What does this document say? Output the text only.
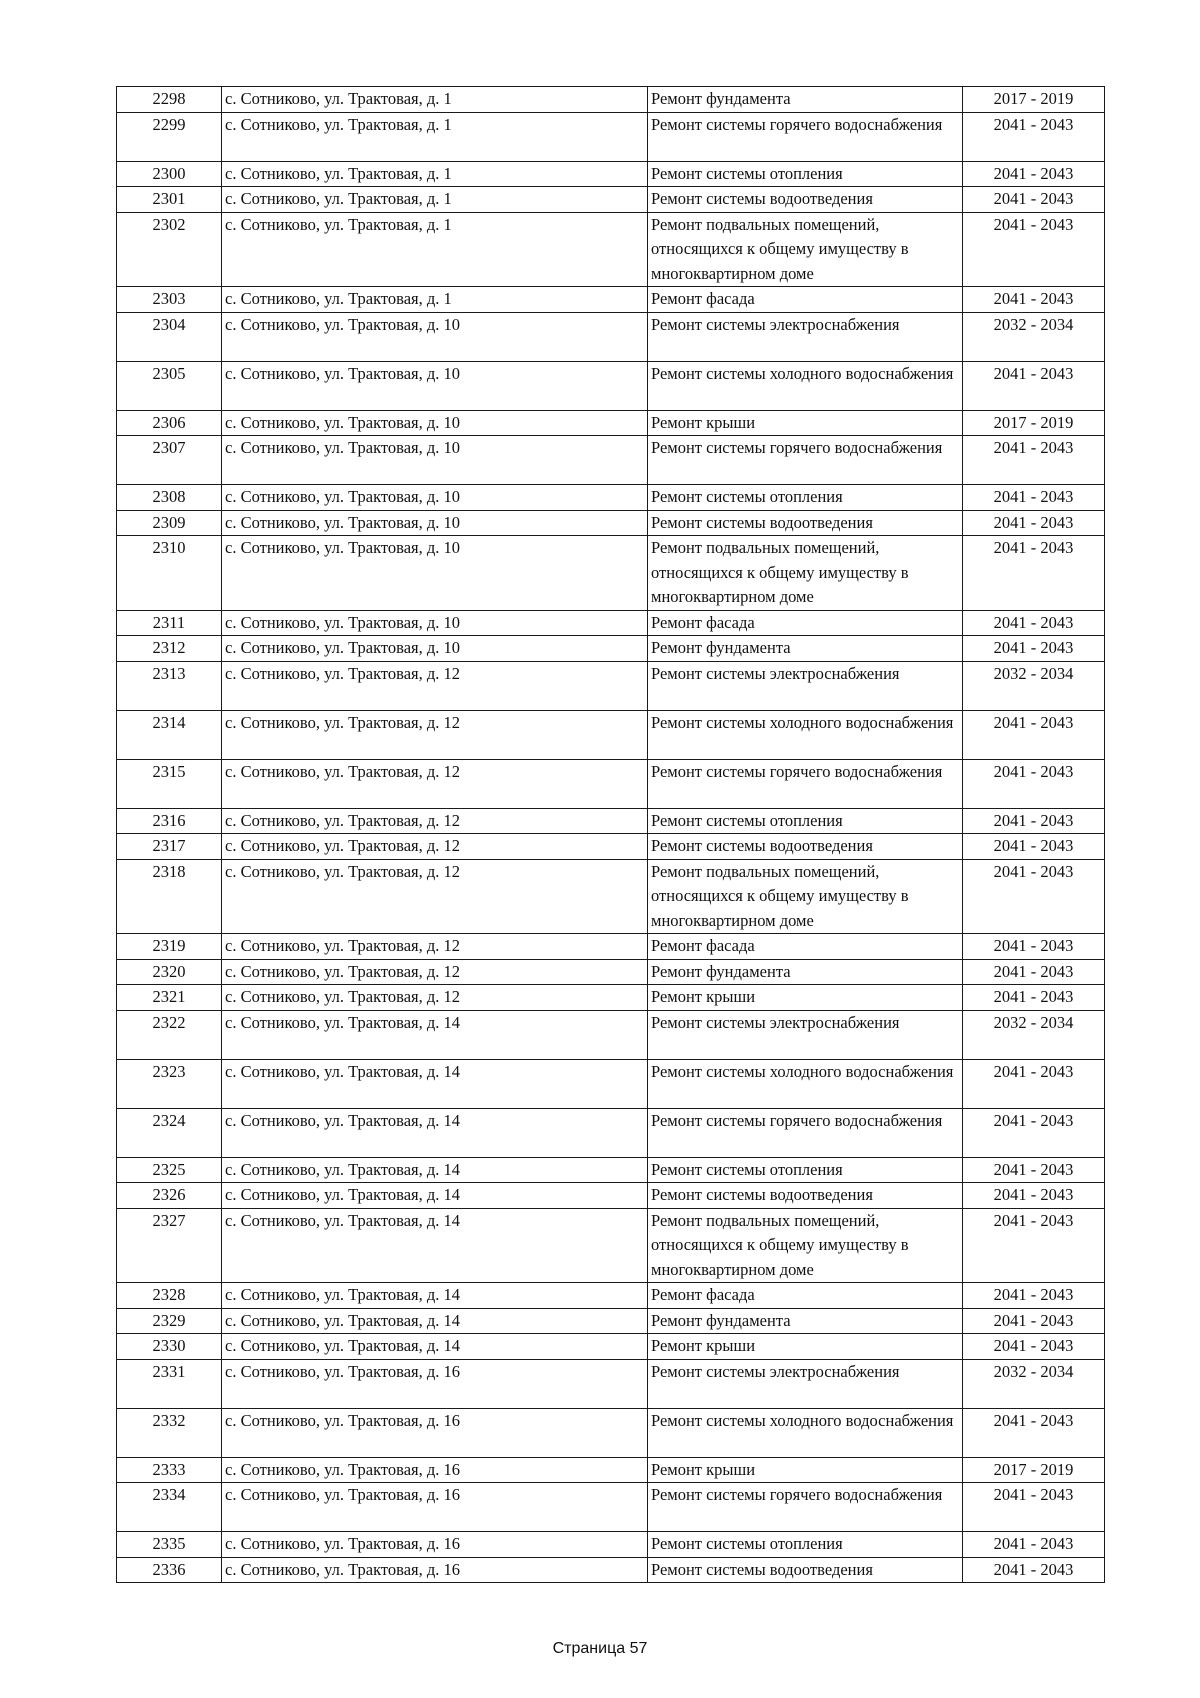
2298	с. Сотниково, ул. Трактовая, д. 1	Ремонт фундамента	2017 - 2019
2299	с. Сотниково, ул. Трактовая, д. 1	Ремонт системы горячего водоснабжения	2041 - 2043
2300	с. Сотниково, ул. Трактовая, д. 1	Ремонт системы отопления	2041 - 2043
2301	с. Сотниково, ул. Трактовая, д. 1	Ремонт системы водоотведения	2041 - 2043
2302	с. Сотниково, ул. Трактовая, д. 1	Ремонт подвальных помещений, относящихся к общему имуществу в многоквартирном доме	2041 - 2043
2303	с. Сотниково, ул. Трактовая, д. 1	Ремонт фасада	2041 - 2043
2304	с. Сотниково, ул. Трактовая, д. 10	Ремонт системы электроснабжения	2032 - 2034
2305	с. Сотниково, ул. Трактовая, д. 10	Ремонт системы холодного водоснабжения	2041 - 2043
2306	с. Сотниково, ул. Трактовая, д. 10	Ремонт крыши	2017 - 2019
2307	с. Сотниково, ул. Трактовая, д. 10	Ремонт системы горячего водоснабжения	2041 - 2043
2308	с. Сотниково, ул. Трактовая, д. 10	Ремонт системы отопления	2041 - 2043
2309	с. Сотниково, ул. Трактовая, д. 10	Ремонт системы водоотведения	2041 - 2043
2310	с. Сотниково, ул. Трактовая, д. 10	Ремонт подвальных помещений, относящихся к общему имуществу в многоквартирном доме	2041 - 2043
2311	с. Сотниково, ул. Трактовая, д. 10	Ремонт фасада	2041 - 2043
2312	с. Сотниково, ул. Трактовая, д. 10	Ремонт фундамента	2041 - 2043
2313	с. Сотниково, ул. Трактовая, д. 12	Ремонт системы электроснабжения	2032 - 2034
2314	с. Сотниково, ул. Трактовая, д. 12	Ремонт системы холодного водоснабжения	2041 - 2043
2315	с. Сотниково, ул. Трактовая, д. 12	Ремонт системы горячего водоснабжения	2041 - 2043
2316	с. Сотниково, ул. Трактовая, д. 12	Ремонт системы отопления	2041 - 2043
2317	с. Сотниково, ул. Трактовая, д. 12	Ремонт системы водоотведения	2041 - 2043
2318	с. Сотниково, ул. Трактовая, д. 12	Ремонт подвальных помещений, относящихся к общему имуществу в многоквартирном доме	2041 - 2043
2319	с. Сотниково, ул. Трактовая, д. 12	Ремонт фасада	2041 - 2043
2320	с. Сотниково, ул. Трактовая, д. 12	Ремонт фундамента	2041 - 2043
2321	с. Сотниково, ул. Трактовая, д. 12	Ремонт крыши	2041 - 2043
2322	с. Сотниково, ул. Трактовая, д. 14	Ремонт системы электроснабжения	2032 - 2034
2323	с. Сотниково, ул. Трактовая, д. 14	Ремонт системы холодного водоснабжения	2041 - 2043
2324	с. Сотниково, ул. Трактовая, д. 14	Ремонт системы горячего водоснабжения	2041 - 2043
2325	с. Сотниково, ул. Трактовая, д. 14	Ремонт системы отопления	2041 - 2043
2326	с. Сотниково, ул. Трактовая, д. 14	Ремонт системы водоотведения	2041 - 2043
2327	с. Сотниково, ул. Трактовая, д. 14	Ремонт подвальных помещений, относящихся к общему имуществу в многоквартирном доме	2041 - 2043
2328	с. Сотниково, ул. Трактовая, д. 14	Ремонт фасада	2041 - 2043
2329	с. Сотниково, ул. Трактовая, д. 14	Ремонт фундамента	2041 - 2043
2330	с. Сотниково, ул. Трактовая, д. 14	Ремонт крыши	2041 - 2043
2331	с. Сотниково, ул. Трактовая, д. 16	Ремонт системы электроснабжения	2032 - 2034
2332	с. Сотниково, ул. Трактовая, д. 16	Ремонт системы холодного водоснабжения	2041 - 2043
2333	с. Сотниково, ул. Трактовая, д. 16	Ремонт крыши	2017 - 2019
2334	с. Сотниково, ул. Трактовая, д. 16	Ремонт системы горячего водоснабжения	2041 - 2043
2335	с. Сотниково, ул. Трактовая, д. 16	Ремонт системы отопления	2041 - 2043
2336	с. Сотниково, ул. Трактовая, д. 16	Ремонт системы водоотведения	2041 - 2043
Страница 57
